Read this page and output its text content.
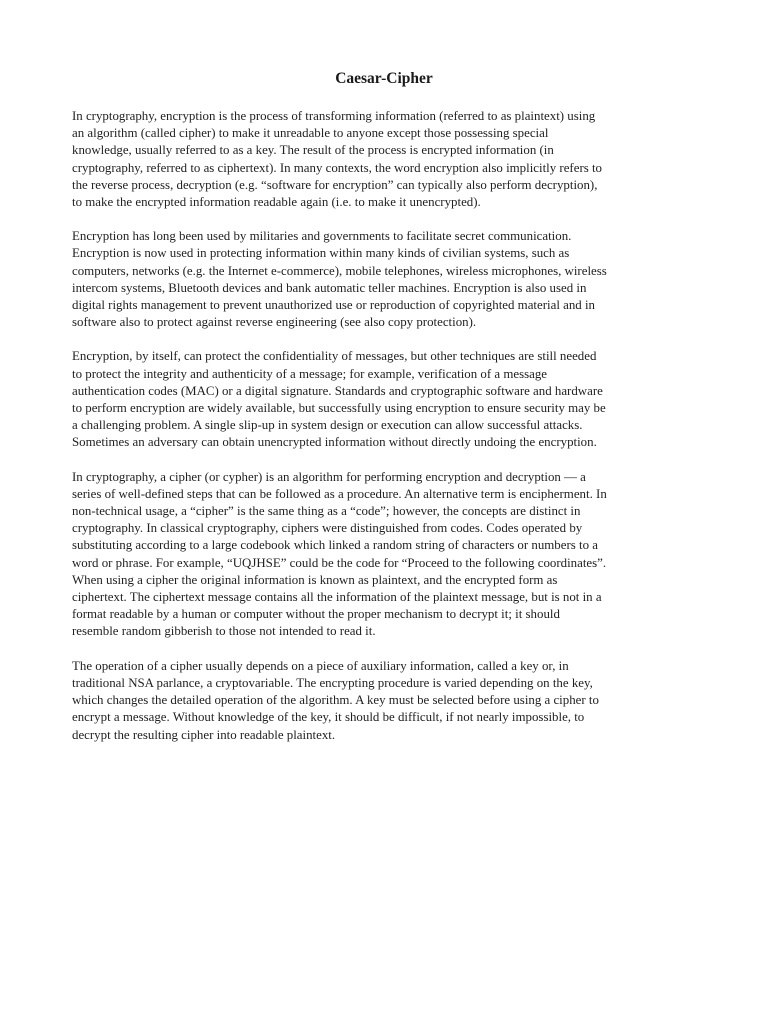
Caesar-Cipher

In cryptography, encryption is the process of transforming information (referred to as plaintext) using
an algorithm (called cipher) to make it unreadable to anyone except those possessing special
knowledge, usually referred to as a key. The result of the process is encrypted information (in
cryptography, referred to as ciphertext). In many contexts, the word encryption also implicitly refers to
the reverse process, decryption (e.g. “software for encryption” can typically also perform decryption),
to make the encrypted information readable again (i.e. to make it unencrypted).

Encryption has long been used by militaries and governments to facilitate secret communication.
Encryption is now used in protecting information within many kinds of civilian systems, such as
computers, networks (e.g. the Internet e-commerce), mobile telephones, wireless microphones, wireless
intercom systems, Bluetooth devices and bank automatic teller machines. Encryption is also used in
digital rights management to prevent unauthorized use or reproduction of copyrighted material and in
software also to protect against reverse engineering (see also copy protection).

Encryption, by itself, can protect the confidentiality of messages, but other techniques are still needed
to protect the integrity and authenticity of a message; for example, verification of a message
authentication codes (MAC) or a digital signature. Standards and cryptographic software and hardware
to perform encryption are widely available, but successfully using encryption to ensure security may be
a challenging problem. A single slip-up in system design or execution can allow successful attacks.
Sometimes an adversary can obtain unencrypted information without directly undoing the encryption.

In cryptography, a cipher (or cypher) is an algorithm for performing encryption and decryption — a
series of well-defined steps that can be followed as a procedure. An alternative term is encipherment. In
non-technical usage, a “cipher” is the same thing as a “code”; however, the concepts are distinct in
cryptography. In classical cryptography, ciphers were distinguished from codes. Codes operated by
substituting according to a large codebook which linked a random string of characters or numbers to a
word or phrase. For example, “UQJHSE” could be the code for “Proceed to the following coordinates”.
When using a cipher the original information is known as plaintext, and the encrypted form as
ciphertext. The ciphertext message contains all the information of the plaintext message, but is not in a
format readable by a human or computer without the proper mechanism to decrypt it; it should
resemble random gibberish to those not intended to read it.

The operation of a cipher usually depends on a piece of auxiliary information, called a key or, in
traditional NSA parlance, a cryptovariable. The encrypting procedure is varied depending on the key,
which changes the detailed operation of the algorithm. A key must be selected before using a cipher to
encrypt a message. Without knowledge of the key, it should be difficult, if not nearly impossible, to
decrypt the resulting cipher into readable plaintext.
